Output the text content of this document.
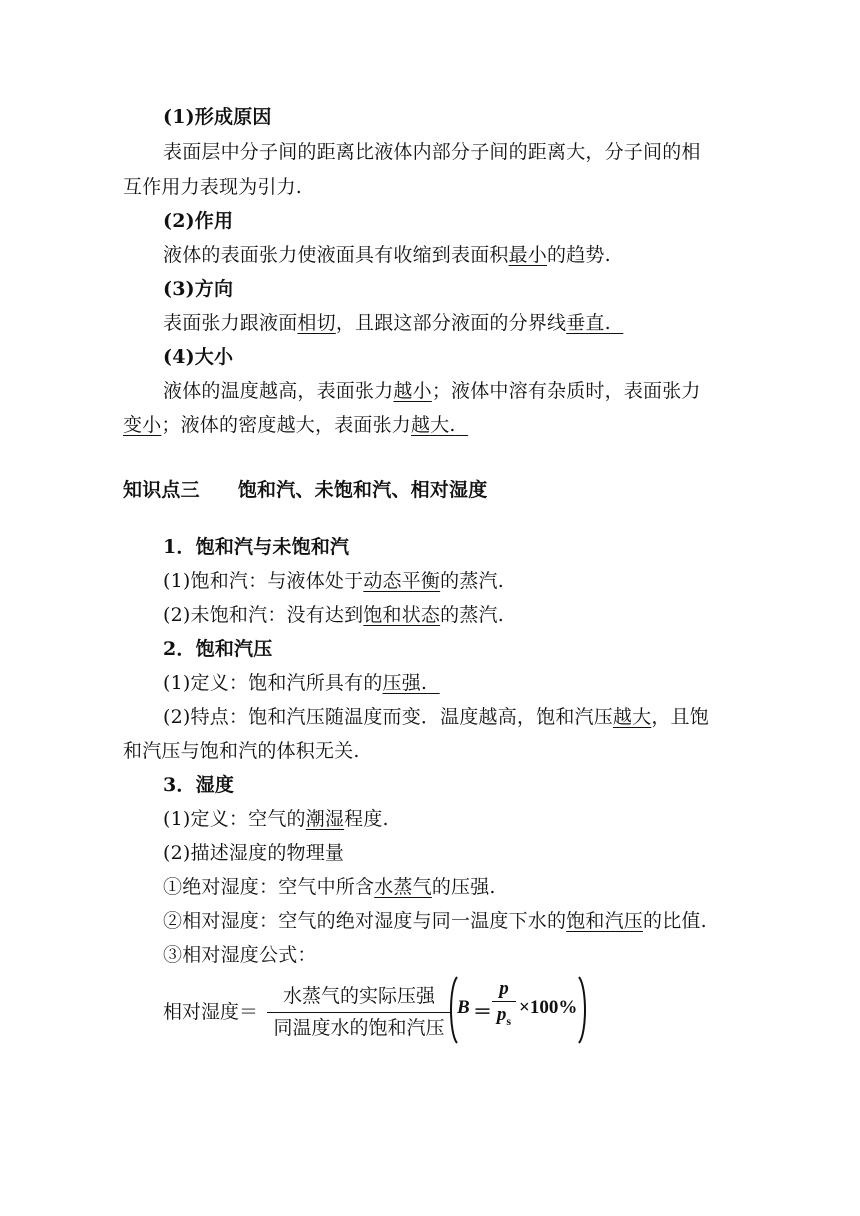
(1)形成原因
表面层中分子间的距离比液体内部分子间的距离大，分子间的相
互作用力表现为引力.
(2)作用
液体的表面张力使液面具有收缩到表面积最小的趋势.
(3)方向
表面张力跟液面相切，且跟这部分液面的分界线垂直.
(4)大小
液体的温度越高，表面张力越小；液体中溶有杂质时，表面张力
变小；液体的密度越大，表面张力越大.
知识点三 饱和汽、未饱和汽、相对湿度
1．饱和汽与未饱和汽
(1)饱和汽：与液体处于动态平衡的蒸汽.
(2)未饱和汽：没有达到饱和状态的蒸汽.
2．饱和汽压
(1)定义：饱和汽所具有的压强.
(2)特点：饱和汽压随温度而变．温度越高，饱和汽压越大，且饱
和汽压与饱和汽的体积无关.
3．湿度
(1)定义：空气的潮湿程度.
(2)描述湿度的物理量
①绝对湿度：空气中所含水蒸气的压强.
②相对湿度：空气的绝对湿度与同一温度下水的饱和汽压的比值.
③相对湿度公式：
相对湿度＝
水蒸气的实际压强
同温度水的饱和汽压
B ＝
p
$p_s$
×100%
